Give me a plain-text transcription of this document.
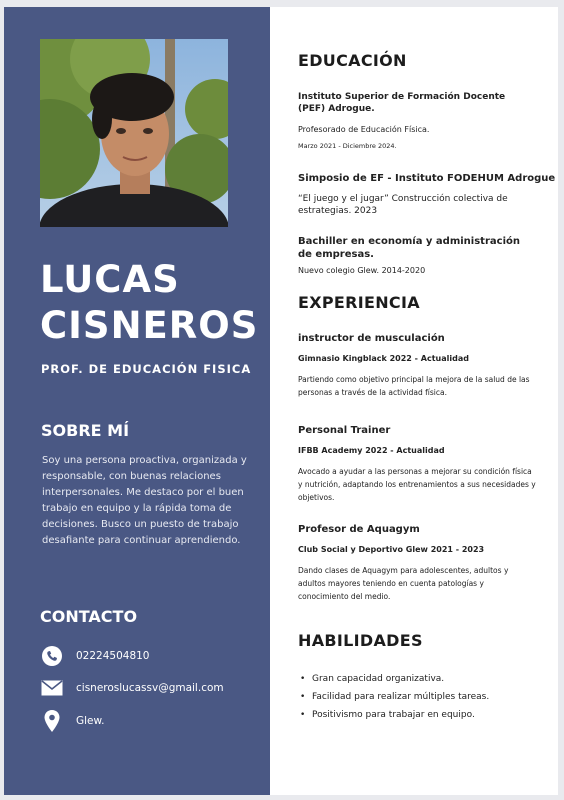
LUCAS
CISNEROS
PROF. DE EDUCACIÓN FISICA
SOBRE MÍ
Soy una persona proactiva, organizada y responsable, con buenas relaciones interpersonales. Me destaco por el buen trabajo en equipo y la rápida toma de decisiones. Busco un puesto de trabajo desafiante para continuar aprendiendo.
CONTACTO
02224504810
cisneroslucassv@gmail.com
Glew.
EDUCACIÓN
Instituto Superior de Formación Docente (PEF) Adrogue.
Profesorado de Educación Física.
Marzo 2021 - Diciembre 2024.
Simposio de EF - Instituto FODEHUM Adrogue
“El juego y el jugar” Construcción colectiva de estrategias. 2023
Bachiller en economía y administración de empresas.
Nuevo colegio Glew. 2014-2020
EXPERIENCIA
instructor de musculación
Gimnasio Kingblack 2022 - Actualidad
Partiendo como objetivo principal la mejora de la salud de las personas a través de la actividad física.
Personal Trainer
IFBB Academy 2022 - Actualidad
Avocado a ayudar a las personas a mejorar su condición física y nutrición, adaptando los entrenamientos a sus necesidades y objetivos.
Profesor de Aquagym
Club Social y Deportivo Glew 2021 - 2023
Dando clases de Aquagym para adolescentes, adultos y adultos mayores teniendo en cuenta patologías y conocimiento del medio.
HABILIDADES
• Gran capacidad organizativa.
• Facilidad para realizar múltiples tareas.
• Positivismo para trabajar en equipo.
